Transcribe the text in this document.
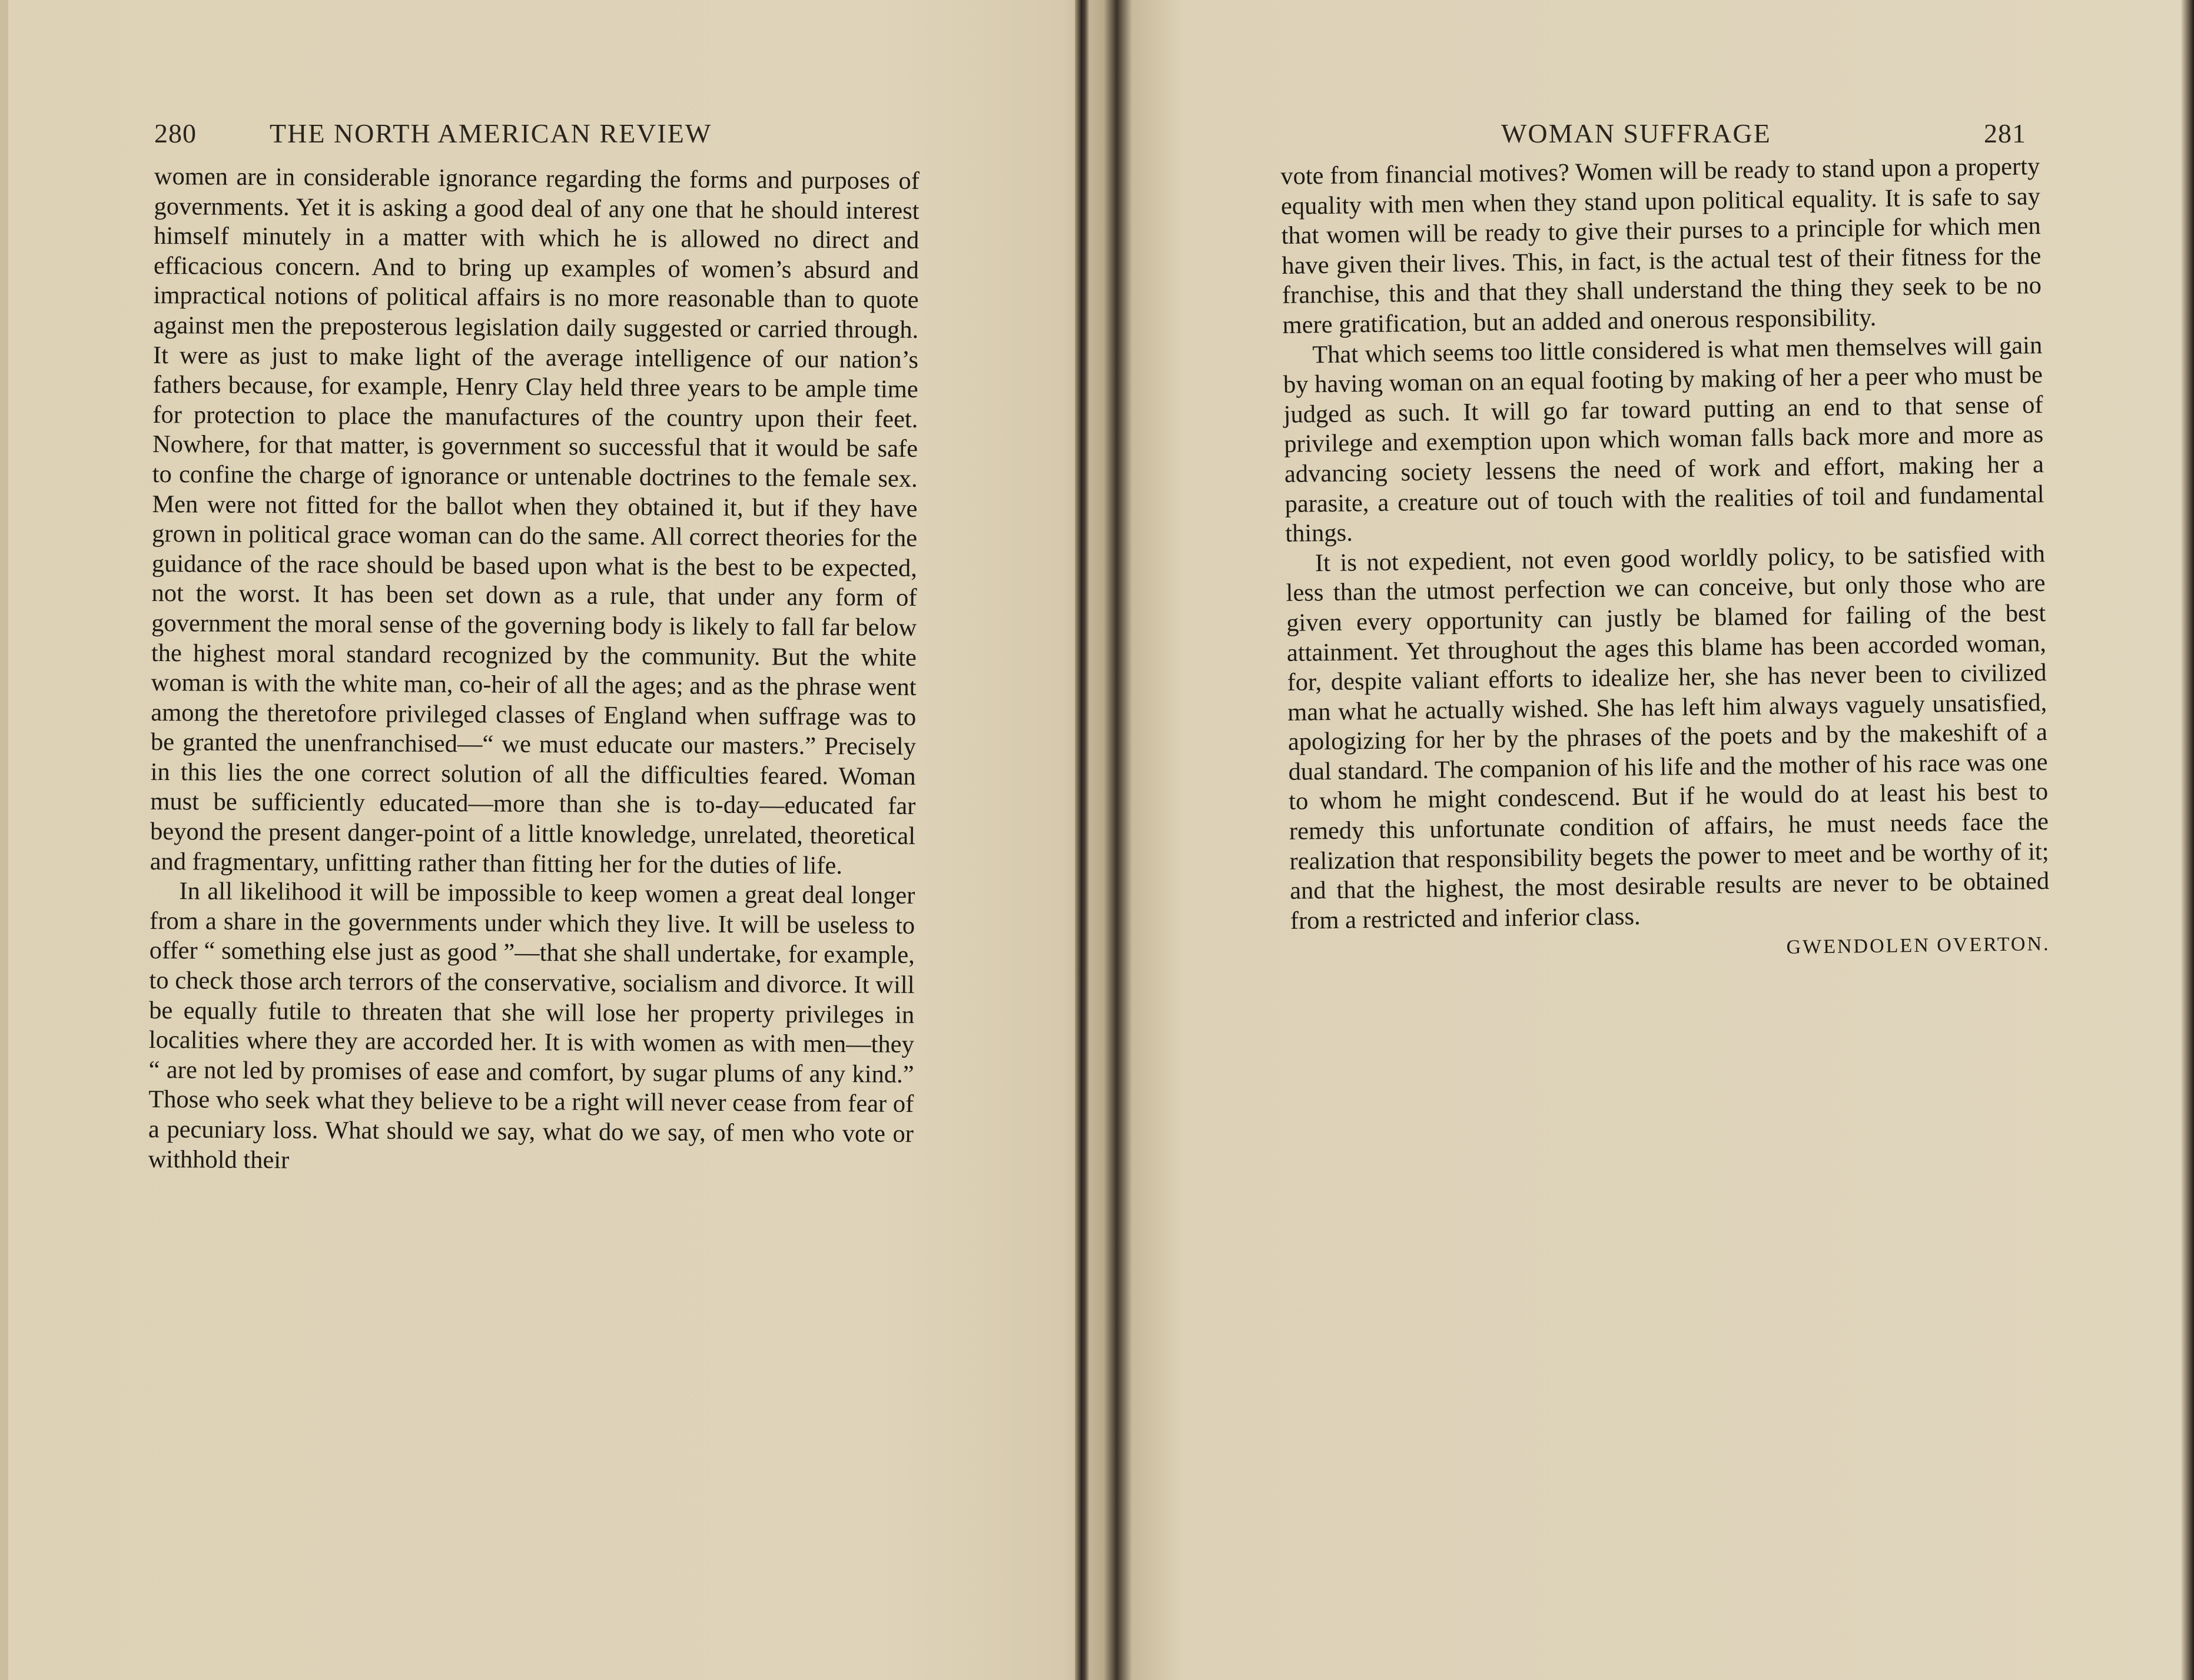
280	THE NORTH AMERICAN REVIEW

women are in considerable ignorance regarding the forms and purposes of governments. Yet it is asking a good deal of any one that he should interest himself minutely in a matter with which he is allowed no direct and efficacious concern. And to bring up examples of women’s absurd and impractical notions of political affairs is no more reasonable than to quote against men the preposterous legislation daily suggested or carried through. It were as just to make light of the average intelligence of our nation’s fathers because, for example, Henry Clay held three years to be ample time for protection to place the manufactures of the country upon their feet. Nowhere, for that matter, is government so successful that it would be safe to confine the charge of ignorance or untenable doctrines to the female sex. Men were not fitted for the ballot when they obtained it, but if they have grown in political grace woman can do the same. All correct theories for the guidance of the race should be based upon what is the best to be expected, not the worst. It has been set down as a rule, that under any form of government the moral sense of the governing body is likely to fall far below the highest moral standard recognized by the community. But the white woman is with the white man, co-heir of all the ages; and as the phrase went among the theretofore privileged classes of England when suffrage was to be granted the unenfranchised—“ we must educate our masters.” Precisely in this lies the one correct solution of all the difficulties feared. Woman must be sufficiently educated—more than she is to-day—educated far beyond the present danger-point of a little knowledge, unrelated, theoretical and fragmentary, unfitting rather than fitting her for the duties of life.

In all likelihood it will be impossible to keep women a great deal longer from a share in the governments under which they live. It will be useless to offer “ something else just as good ”—that she shall undertake, for example, to check those arch terrors of the conservative, socialism and divorce. It will be equally futile to threaten that she will lose her property privileges in localities where they are accorded her. It is with women as with men—they “ are not led by promises of ease and comfort, by sugar plums of any kind.” Those who seek what they believe to be a right will never cease from fear of a pecuniary loss. What should we say, what do we say, of men who vote or withhold their

WOMAN SUFFRAGE	281

vote from financial motives? Women will be ready to stand upon a property equality with men when they stand upon political equality. It is safe to say that women will be ready to give their purses to a principle for which men have given their lives. This, in fact, is the actual test of their fitness for the franchise, this and that they shall understand the thing they seek to be no mere gratification, but an added and onerous responsibility.

That which seems too little considered is what men themselves will gain by having woman on an equal footing by making of her a peer who must be judged as such. It will go far toward putting an end to that sense of privilege and exemption upon which woman falls back more and more as advancing society lessens the need of work and effort, making her a parasite, a creature out of touch with the realities of toil and fundamental things.

It is not expedient, not even good worldly policy, to be satisfied with less than the utmost perfection we can conceive, but only those who are given every opportunity can justly be blamed for failing of the best attainment. Yet throughout the ages this blame has been accorded woman, for, despite valiant efforts to idealize her, she has never been to civilized man what he actually wished. She has left him always vaguely unsatisfied, apologizing for her by the phrases of the poets and by the makeshift of a dual standard. The companion of his life and the mother of his race was one to whom he might condescend. But if he would do at least his best to remedy this unfortunate condition of affairs, he must needs face the realization that responsibility begets the power to meet and be worthy of it; and that the highest, the most desirable results are never to be obtained from a restricted and inferior class.

GWENDOLEN OVERTON.
